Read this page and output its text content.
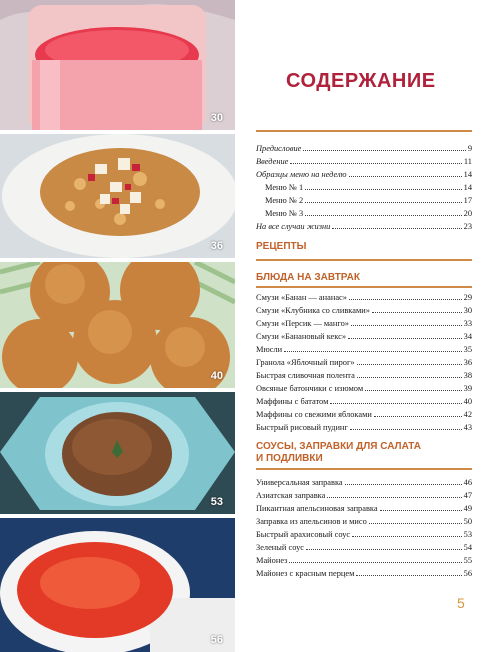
30
36
40
53
56
СОДЕРЖАНИЕ
Предисловие	9
Введение	11
Образцы меню на неделю	14
Меню № 1	14
Меню № 2	17
Меню № 3	20
На все случаи жизни	23
РЕЦЕПТЫ
БЛЮДА НА ЗАВТРАК
Смузи «Банан — ананас»	29
Смузи «Клубника со сливками»	30
Смузи «Персик — манго»	33
Смузи «Банановый кекс»	34
Мюсли	35
Гранола «Яблочный пирог»	36
Быстрая сливочная полента	38
Овсяные батончики с изюмом	39
Маффины с бататом	40
Маффины со свежими яблоками	42
Быстрый рисовый пудинг	43
СОУСЫ, ЗАПРАВКИ ДЛЯ САЛАТА
И ПОДЛИВКИ
Универсальная заправка	46
Азиатская заправка	47
Пикантная апельсиновая заправка	49
Заправка из апельсинов и мисо	50
Быстрый арахисовый соус	53
Зеленый соус	54
Майонез	55
Майонез с красным перцем	56
5
